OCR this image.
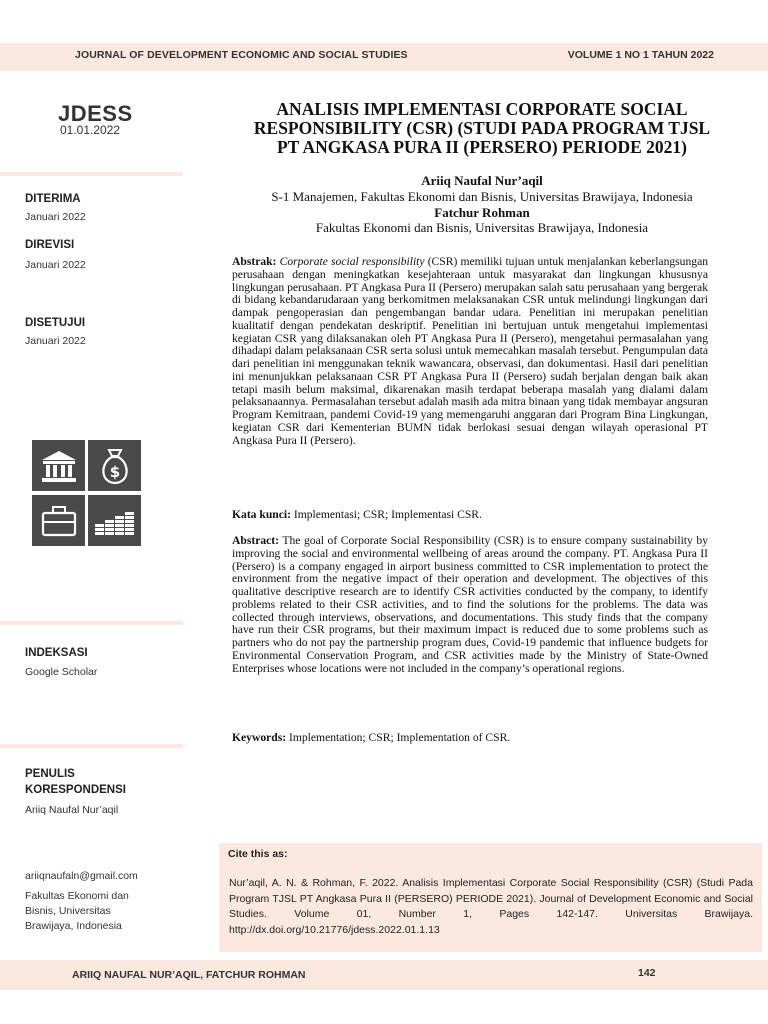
JOURNAL OF DEVELOPMENT ECONOMIC AND SOCIAL STUDIES	VOLUME 1 NO 1 TAHUN 2022
JDESS
01.01.2022
DITERIMA
Januari 2022
DIREVISI
Januari 2022
DISETUJUI
Januari 2022
$
INDEKSASI
Google Scholar
PENULIS
KORESPONDENSI
Ariiq Naufal Nur’aqil
ariiqnaufaln@gmail.com
Fakultas Ekonomi dan
Bisnis, Universitas
Brawijaya, Indonesia
ANALISIS IMPLEMENTASI CORPORATE SOCIAL
RESPONSIBILITY (CSR) (STUDI PADA PROGRAM TJSL
PT ANGKASA PURA II (PERSERO) PERIODE 2021)
Ariiq Naufal Nur’aqil
S-1 Manajemen, Fakultas Ekonomi dan Bisnis, Universitas Brawijaya, Indonesia
Fatchur Rohman
Fakultas Ekonomi dan Bisnis, Universitas Brawijaya, Indonesia
Abstrak: Corporate social responsibility (CSR) memiliki tujuan untuk menjalankan keberlangsungan perusahaan dengan meningkatkan kesejahteraan untuk masyarakat dan lingkungan khususnya lingkungan perusahaan. PT Angkasa Pura II (Persero) merupakan salah satu perusahaan yang bergerak di bidang kebandarudaraan yang berkomitmen melaksanakan CSR untuk melindungi lingkungan dari dampak pengoperasian dan pengembangan bandar udara. Penelitian ini merupakan penelitian kualitatif dengan pendekatan deskriptif. Penelitian ini bertujuan untuk mengetahui implementasi kegiatan CSR yang dilaksanakan oleh PT Angkasa Pura II (Persero), mengetahui permasalahan yang dihadapi dalam pelaksanaan CSR serta solusi untuk memecahkan masalah tersebut. Pengumpulan data dari penelitian ini menggunakan teknik wawancara, observasi, dan dokumentasi. Hasil dari penelitian ini menunjukkan pelaksanaan CSR PT Angkasa Pura II (Persero) sudah berjalan dengan baik akan tetapi masih belum maksimal, dikarenakan masih terdapat beberapa masalah yang dialami dalam pelaksanaannya. Permasalahan tersebut adalah masih ada mitra binaan yang tidak membayar angsuran Program Kemitraan, pandemi Covid-19 yang memengaruhi anggaran dari Program Bina Lingkungan, kegiatan CSR dari Kementerian BUMN tidak berlokasi sesuai dengan wilayah operasional PT Angkasa Pura II (Persero).
Kata kunci: Implementasi; CSR; Implementasi CSR.
Abstract: The goal of Corporate Social Responsibility (CSR) is to ensure company sustainability by improving the social and environmental wellbeing of areas around the company. PT. Angkasa Pura II (Persero) is a company engaged in airport business committed to CSR implementation to protect the environment from the negative impact of their operation and development. The objectives of this qualitative descriptive research are to identify CSR activities conducted by the company, to identify problems related to their CSR activities, and to find the solutions for the problems. The data was collected through interviews, observations, and documentations. This study finds that the company have run their CSR programs, but their maximum impact is reduced due to some problems such as partners who do not pay the partnership program dues, Covid-19 pandemic that influence budgets for Environmental Conservation Program, and CSR activities made by the Ministry of State-Owned Enterprises whose locations were not included in the company’s operational regions.
Keywords: Implementation; CSR; Implementation of CSR.
Cite this as:
Nur’aqil, A. N. & Rohman, F. 2022. Analisis Implementasi Corporate Social Responsibility (CSR) (Studi Pada Program TJSL PT Angkasa Pura II (PERSERO) PERIODE 2021). Journal of Development Economic and Social Studies. Volume 01, Number 1, Pages 142-147. Universitas Brawijaya. http://dx.doi.org/10.21776/jdess.2022.01.1.13
ARIIQ NAUFAL NUR’AQIL, FATCHUR ROHMAN	142
